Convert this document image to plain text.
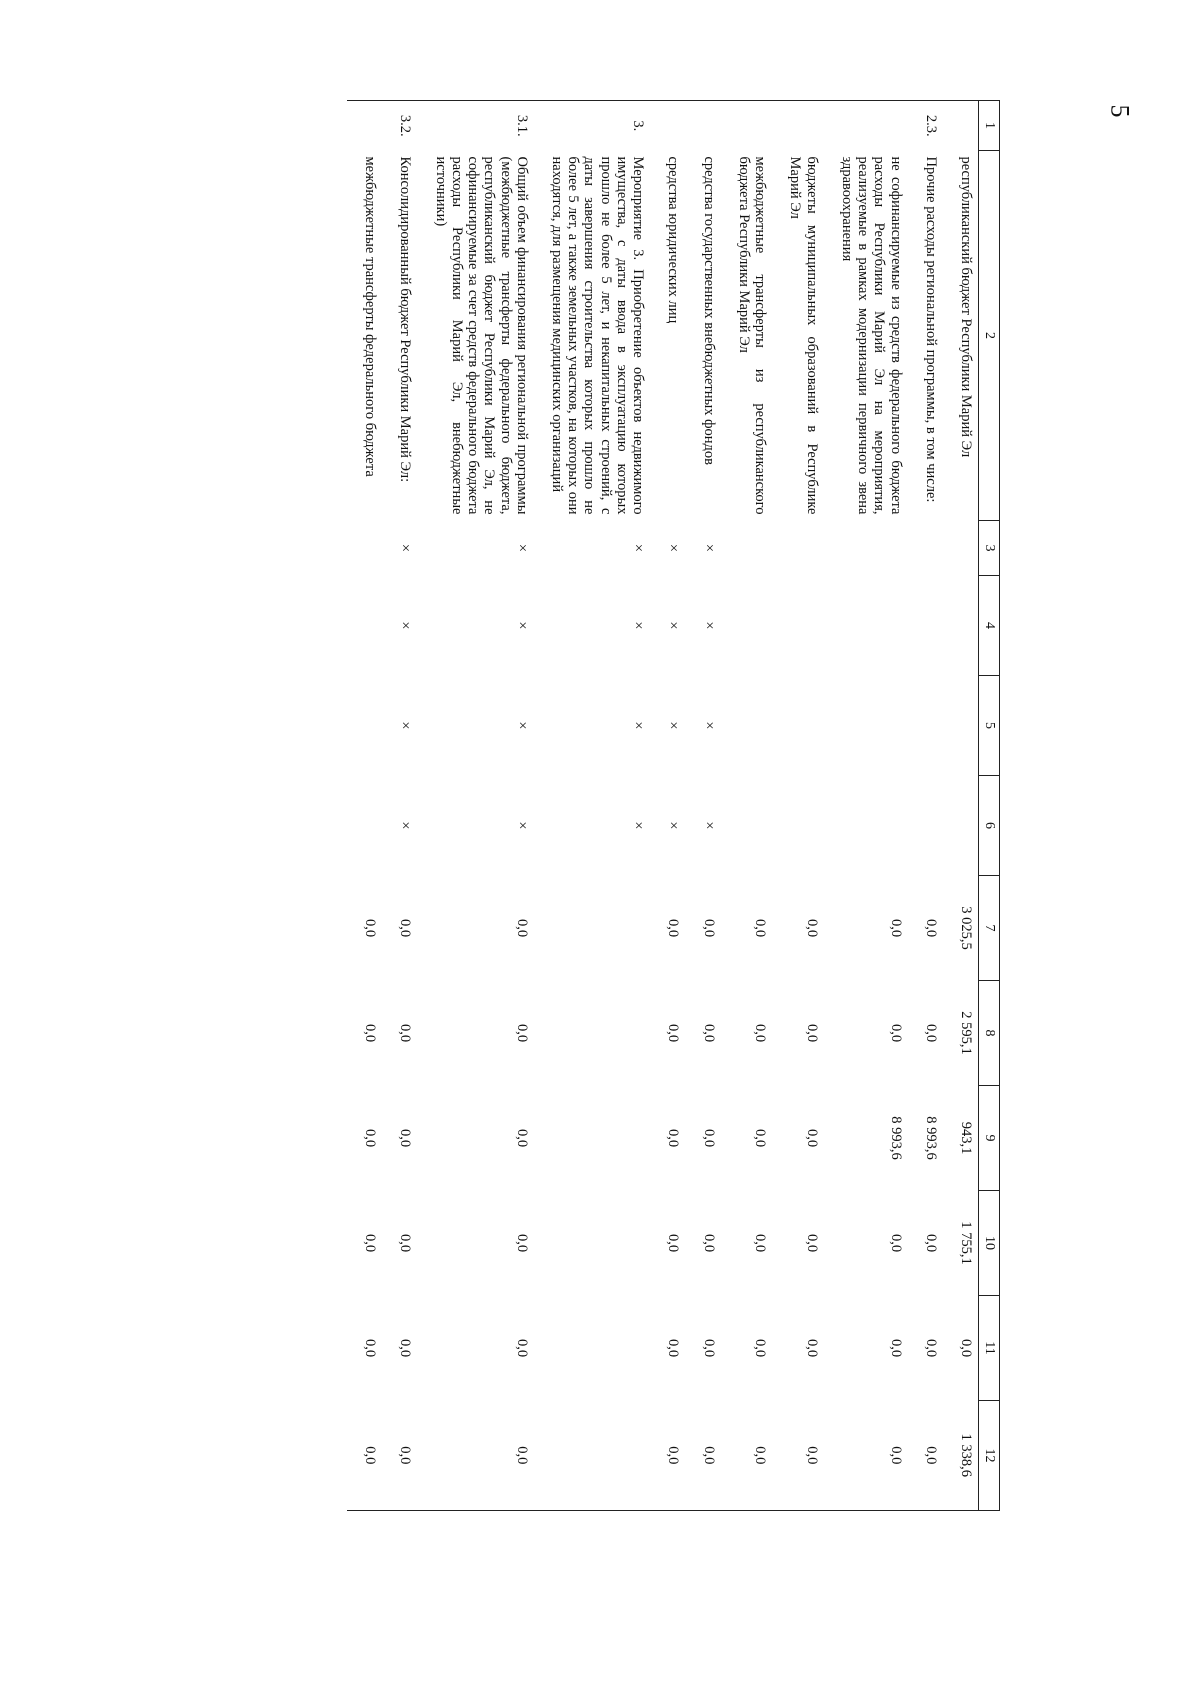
5
1	2	3	4	5	6	7	8	9	10	11	12
	республиканский бюджет Республики Марий Эл					3 025,5	2 595,1	943,1	1 755,1	0,0	1 338,6

2.3.	Прочие расходы региональной программы, в том числе:					0,0	0,0	8 993,6	0,0	0,0	0,0

	не софинансируемые из средств федерального бюджета расходы Республики Марий Эл на мероприятия, реализуемые в рамках модернизации первичного звена здравоохранения					0,0	0,0	8 993,6	0,0	0,0	0,0

	бюджеты муниципальных образований в Республике Марий Эл					0,0	0,0	0,0	0,0	0,0	0,0

	межбюджетные трансферты из республиканского бюджета Республики Марий Эл					0,0	0,0	0,0	0,0	0,0	0,0

	средства государственных внебюджетных фондов	×	×	×	×	0,0	0,0	0,0	0,0	0,0	0,0

	средства юридических лиц	×	×	×	×	0,0	0,0	0,0	0,0	0,0	0,0

3.	Мероприятие 3. Приобретение объектов недвижимого имущества, с даты ввода в эксплуатацию которых прошло не более 5 лет, и некапитальных строений, с даты завершения строительства которых прошло не более 5 лет, а также земельных участков, на которых они находятся, для размещения медицинских организаций	×	×	×	×						

3.1.	Общий объем финансирования региональной программы (межбюджетные трансферты федерального бюджета, республиканский бюджет Республики Марий Эл, не софинансируемые за счет средств федерального бюджета расходы Республики Марий Эл, внебюджетные источники)	×	×	×	×	0,0	0,0	0,0	0,0	0,0	0,0

3.2.	Консолидированный бюджет Республики Марий Эл:	×	×	×	×	0,0	0,0	0,0	0,0	0,0	0,0

	межбюджетные трансферты федерального бюджета					0,0	0,0	0,0	0,0	0,0	0,0
